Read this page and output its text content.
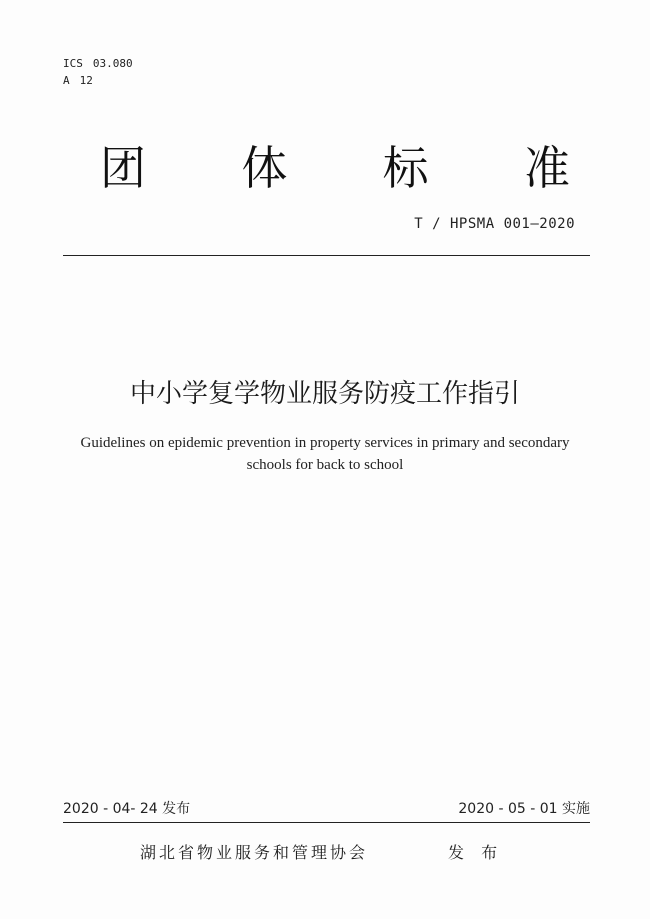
ICS 03.080
A 12
团 体 标 准
T / HPSMA 001—2020
中小学复学物业服务防疫工作指引
Guidelines on epidemic prevention in property services in primary and secondary
schools for back to school
2020 - 04- 24 发布	2020 - 05 - 01 实施
湖北省物业服务和管理协会	发 布
